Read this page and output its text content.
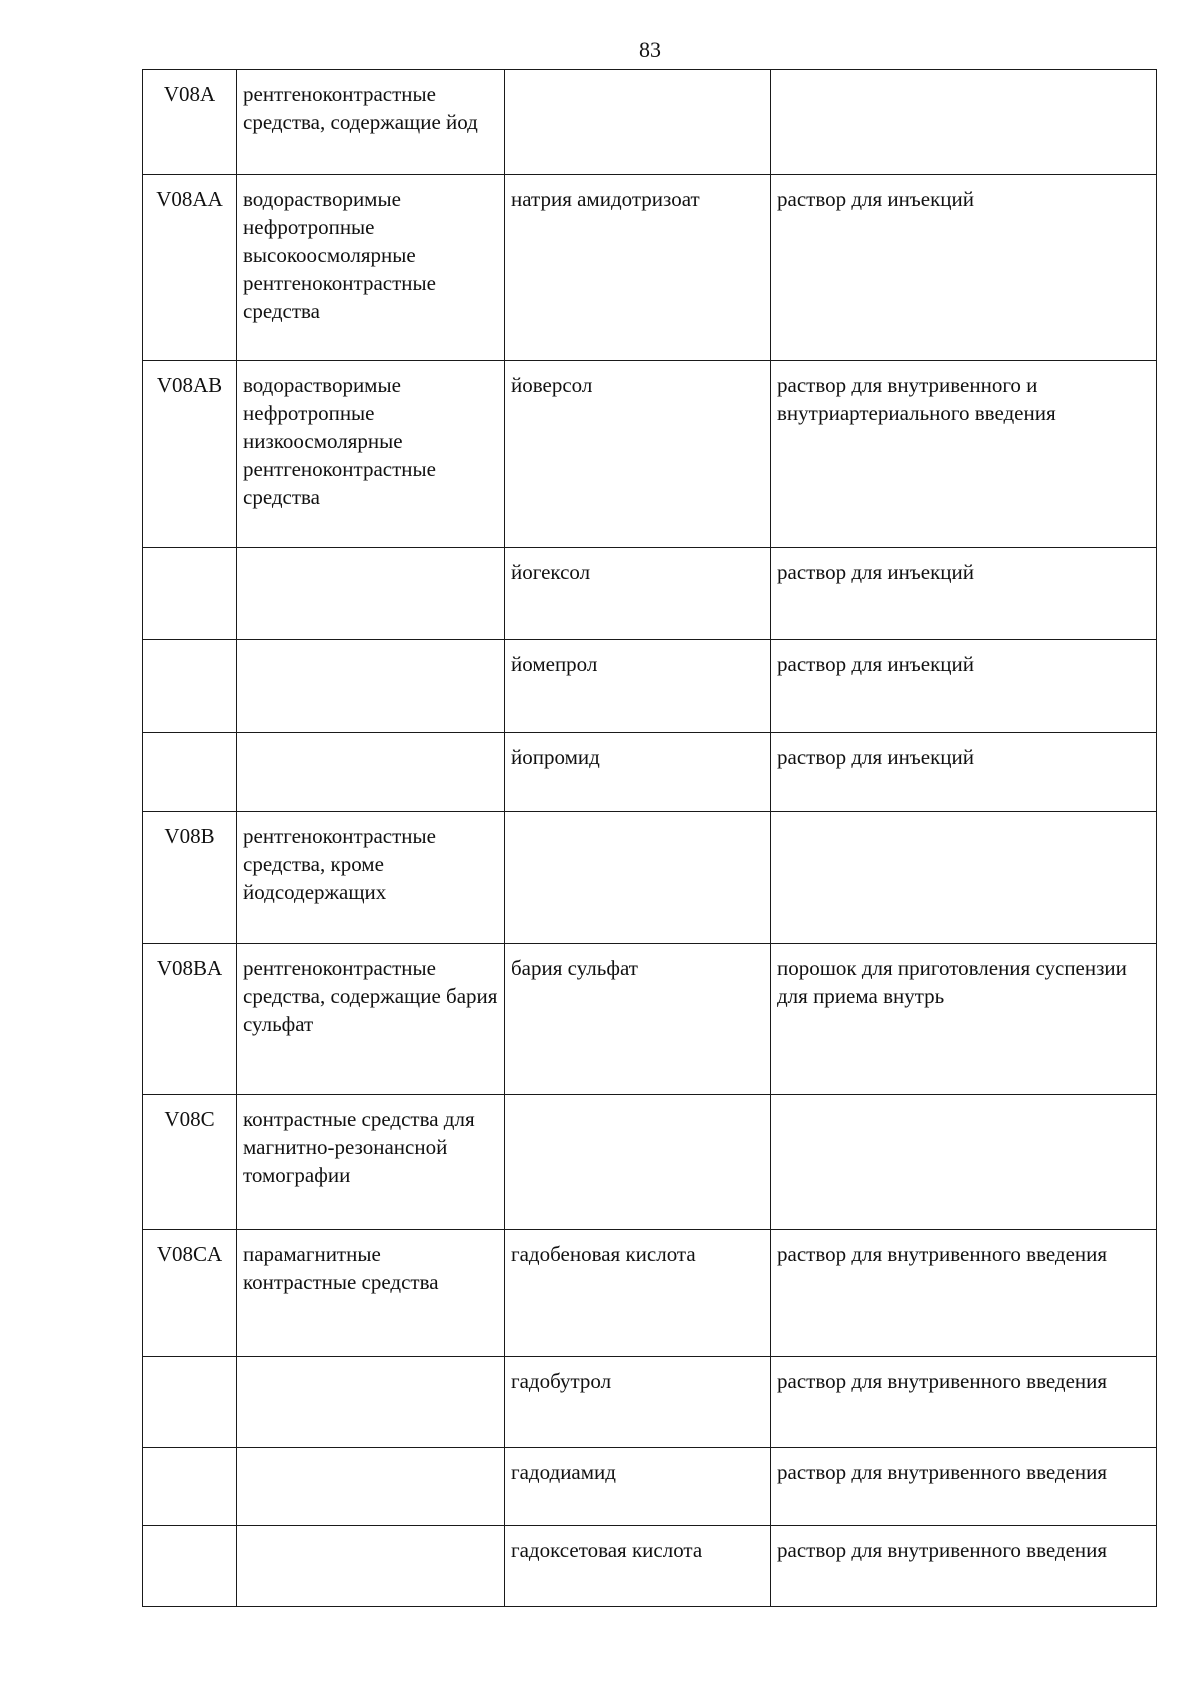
83
V08A	рентгеноконтрастные средства, содержащие йод		
V08AA	водорастворимые нефротропные высокоосмолярные рентгеноконтрастные средства	натрия амидотризоат	раствор для инъекций
V08AB	водорастворимые нефротропные низкоосмолярные рентгеноконтрастные средства	йоверсол	раствор для внутривенного и внутриартериального введения
		йогексол	раствор для инъекций
		йомепрол	раствор для инъекций
		йопромид	раствор для инъекций
V08B	рентгеноконтрастные средства, кроме йодсодержащих		
V08BA	рентгеноконтрастные средства, содержащие бария сульфат	бария сульфат	порошок для приготовления суспензии для приема внутрь
V08C	контрастные средства для магнитно-резонансной томографии		
V08CA	парамагнитные контрастные средства	гадобеновая кислота	раствор для внутривенного введения
		гадобутрол	раствор для внутривенного введения
		гадодиамид	раствор для внутривенного введения
		гадоксетовая кислота	раствор для внутривенного введения
